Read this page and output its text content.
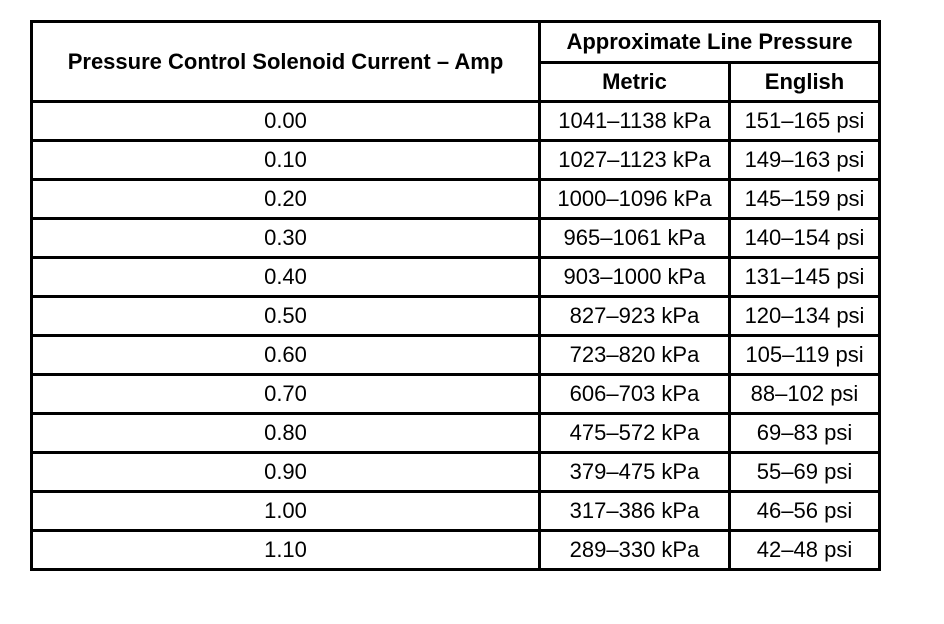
Pressure Control Solenoid Current – Amp	Approximate Line Pressure	
	Metric	English
0.00	1041–1138 kPa	151–165 psi
0.10	1027–1123 kPa	149–163 psi
0.20	1000–1096 kPa	145–159 psi
0.30	965–1061 kPa	140–154 psi
0.40	903–1000 kPa	131–145 psi
0.50	827–923 kPa	120–134 psi
0.60	723–820 kPa	105–119 psi
0.70	606–703 kPa	88–102 psi
0.80	475–572 kPa	69–83 psi
0.90	379–475 kPa	55–69 psi
1.00	317–386 kPa	46–56 psi
1.10	289–330 kPa	42–48 psi
